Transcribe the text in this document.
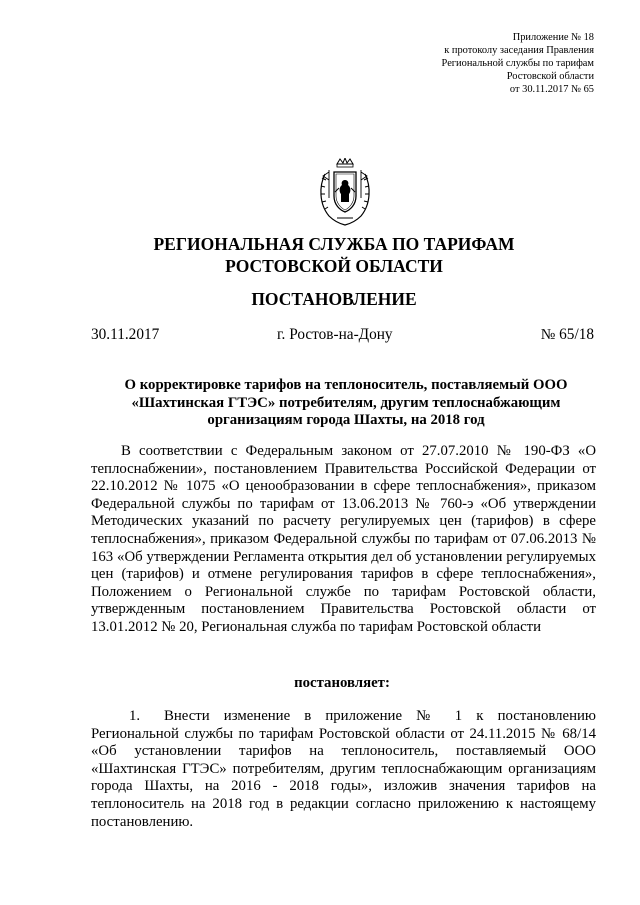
Приложение № 18
к протоколу заседания Правления
Региональной службы по тарифам
Ростовской области
от 30.11.2017 № 65
РЕГИОНАЛЬНАЯ СЛУЖБА ПО ТАРИФАМ
РОСТОВСКОЙ ОБЛАСТИ
ПОСТАНОВЛЕНИЕ
30.11.2017	г. Ростов-на-Дону	№ 65/18
О корректировке тарифов на теплоноситель, поставляемый ООО
«Шахтинская ГТЭС» потребителям, другим теплоснабжающим
организациям города Шахты, на 2018 год
В соответствии с Федеральным законом от 27.07.2010 № 190-ФЗ «О теплоснабжении», постановлением Правительства Российской Федерации от 22.10.2012 № 1075 «О ценообразовании в сфере теплоснабжения», приказом Федеральной службы по тарифам от 13.06.2013 № 760-э «Об утверждении Методических указаний по расчету регулируемых цен (тарифов) в сфере теплоснабжения», приказом Федеральной службы по тарифам от 07.06.2013 № 163 «Об утверждении Регламента открытия дел об установлении регулируемых цен (тарифов) и отмене регулирования тарифов в сфере теплоснабжения», Положением о Региональной службе по тарифам Ростовской области, утвержденным постановлением Правительства Ростовской области от 13.01.2012 № 20, Региональная служба по тарифам Ростовской области
постановляет:
1. Внести изменение в приложение № 1 к постановлению Региональной службы по тарифам Ростовской области от 24.11.2015 № 68/14 «Об установлении тарифов на теплоноситель, поставляемый ООО «Шахтинская ГТЭС» потребителям, другим теплоснабжающим организациям города Шахты, на 2016 - 2018 годы», изложив значения тарифов на теплоноситель на 2018 год в редакции согласно приложению к настоящему постановлению.
